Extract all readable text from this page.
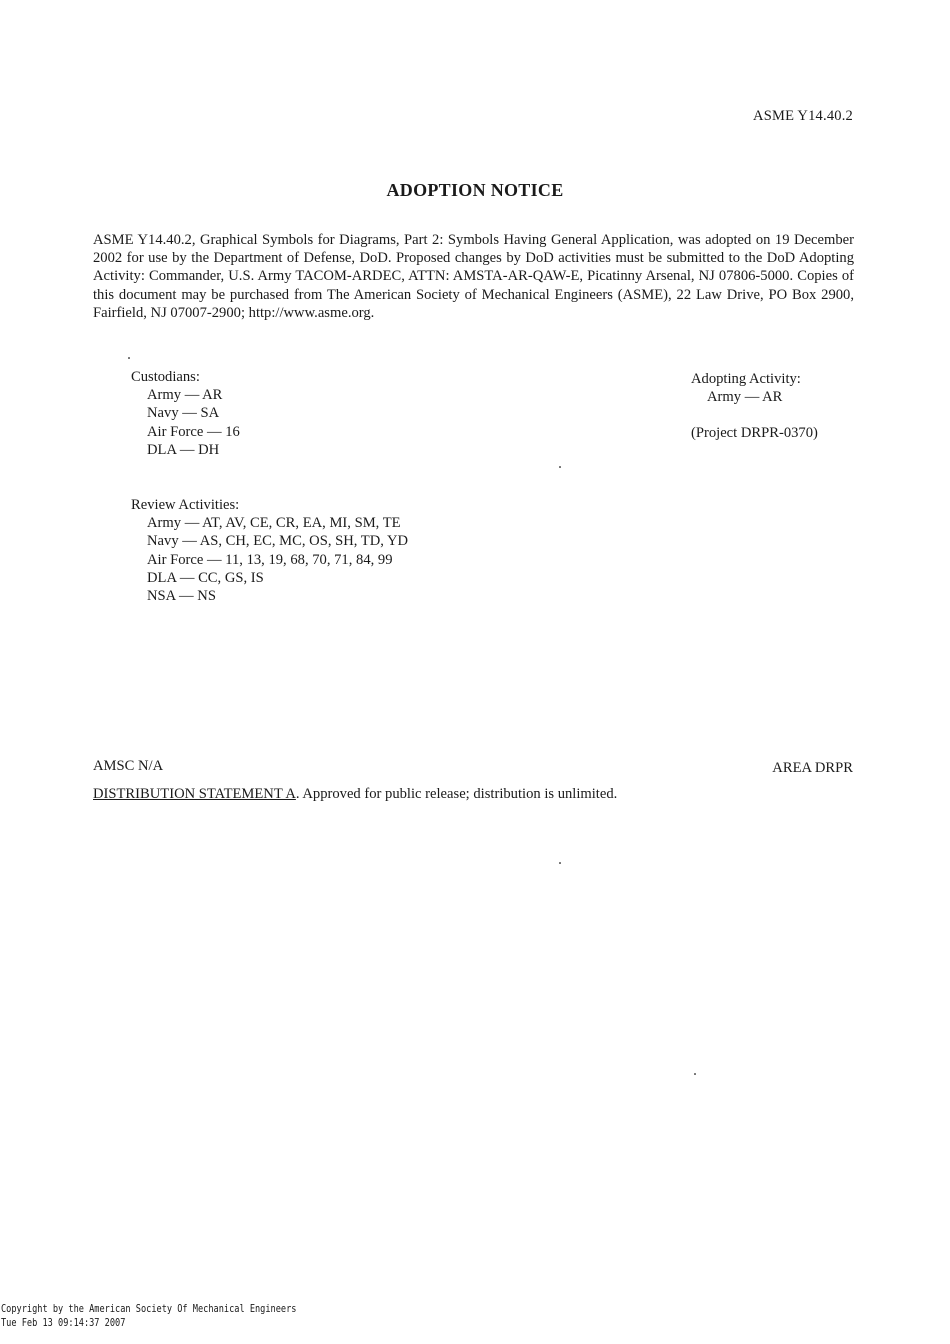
ASME Y14.40.2
ADOPTION NOTICE

ASME Y14.40.2, Graphical Symbols for Diagrams, Part 2: Symbols Having General Application, was adopted on 19 December 2002 for use by the Department of Defense, DoD. Proposed changes by DoD activities must be submitted to the DoD Adopting Activity: Commander, U.S. Army TACOM-ARDEC, ATTN: AMSTA-AR-QAW-E, Picatinny Arsenal, NJ 07806-5000. Copies of this document may be purchased from The American Society of Mechanical Engineers (ASME), 22 Law Drive, PO Box 2900, Fairfield, NJ 07007-2900; http://www.asme.org.

Custodians:
Army — AR
Navy — SA
Air Force — 16
DLA — DH
Adopting Activity:
Army — AR
(Project DRPR-0370)
Review Activities:
Army — AT, AV, CE, CR, EA, MI, SM, TE
Navy — AS, CH, EC, MC, OS, SH, TD, YD
Air Force — 11, 13, 19, 68, 70, 71, 84, 99
DLA — CC, GS, IS
NSA — NS
AMSC N/A	AREA DRPR
DISTRIBUTION STATEMENT A. Approved for public release; distribution is unlimited.
Copyright by the American Society Of Mechanical Engineers
Tue Feb 13 09:14:37 2007
